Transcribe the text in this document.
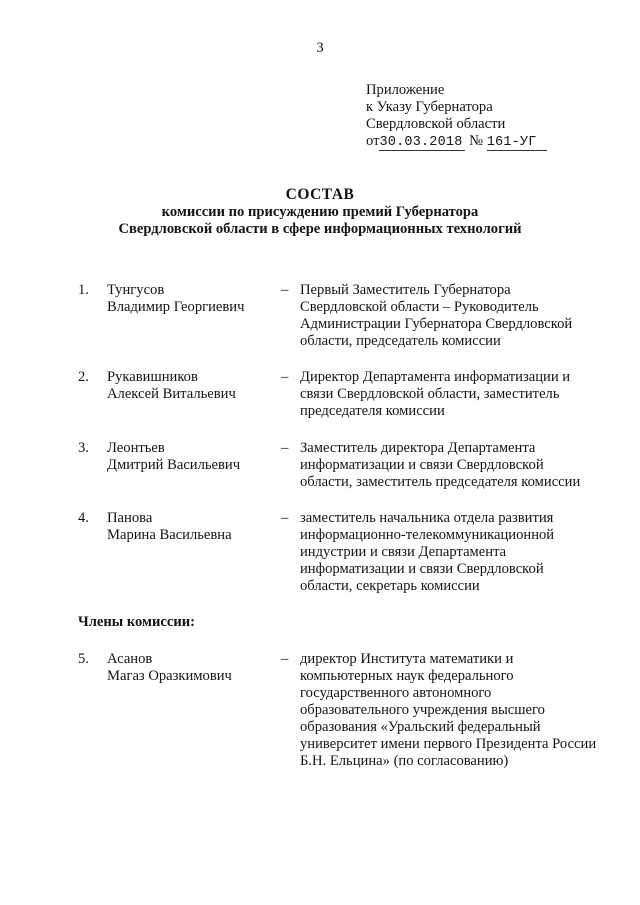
3
Приложение
к Указу Губернатора
Свердловской области
от30.03.2018 № 161-УГ
СОСТАВ
комиссии по присуждению премий Губернатора
Свердловской области в сфере информационных технологий
1. Тунгусов
Владимир Георгиевич
– Первый Заместитель Губернатора
Свердловской области – Руководитель
Администрации Губернатора Свердловской
области, председатель комиссии
2. Рукавишников
Алексей Витальевич
– Директор Департамента информатизации и
связи Свердловской области, заместитель
председателя комиссии
3. Леонтьев
Дмитрий Васильевич
– Заместитель директора Департамента
информатизации и связи Свердловской
области, заместитель председателя комиссии
4. Панова
Марина Васильевна
– заместитель начальника отдела развития
информационно-телекоммуникационной
индустрии и связи Департамента
информатизации и связи Свердловской
области, секретарь комиссии
Члены комиссии:
5. Асанов
Магаз Оразкимович
– директор Института математики и
компьютерных наук федерального
государственного автономного
образовательного учреждения высшего
образования «Уральский федеральный
университет имени первого Президента России
Б.Н. Ельцина» (по согласованию)
